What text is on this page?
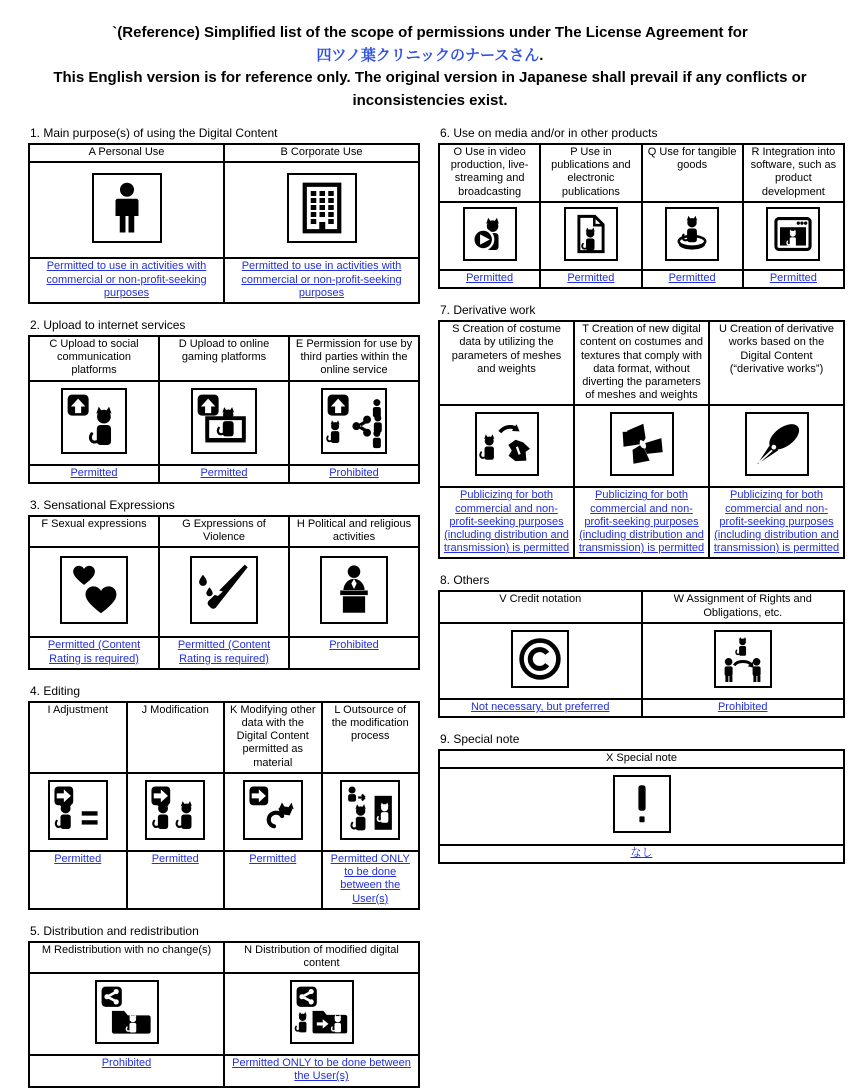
`(Reference) Simplified list of the scope of permissions under The License Agreement for
四ツノ葉クリニックのナースさん.
This English version is for reference only. The original version in Japanese shall prevail if any conflicts or inconsistencies exist.
1. Main purpose(s) of using the Digital Content
A Personal Use	B Corporate Use

Permitted to use in activities with commercial or non-profit-seeking purposes	Permitted to use in activities with commercial or non-profit-seeking purposes
2. Upload to internet services
C Upload to social communication platforms	D Upload to online gaming platforms	E Permission for use by third parties within the online service

Permitted	Permitted	Prohibited
3. Sensational Expressions
F Sexual expressions	G Expressions of Violence	H Political and religious activities

Permitted (Content Rating is required)	Permitted (Content Rating is required)	Prohibited
4. Editing
I Adjustment	J Modification	K Modifying other data with the Digital Content permitted as material	L Outsource of the modification process

Permitted	Permitted	Permitted	Permitted ONLY to be done between the User(s)
5. Distribution and redistribution
M Redistribution with no change(s)	N Distribution of modified digital content

Prohibited	Permitted ONLY to be done between the User(s)
6. Use on media and/or in other products
O Use in video production, live-streaming and broadcasting	P Use in publications and electronic publications	Q Use for tangible goods	R Integration into software, such as product development

Permitted	Permitted	Permitted	Permitted
7. Derivative work
S Creation of costume data by utilizing the parameters of meshes and weights	T Creation of new digital content on costumes and textures that comply with data format, without diverting the parameters of meshes and weights	U Creation of derivative works based on the Digital Content (“derivative works”)

Publicizing for both commercial and non-profit-seeking purposes (including distribution and transmission) is permitted	Publicizing for both commercial and non-profit-seeking purposes (including distribution and transmission) is permitted	Publicizing for both commercial and non-profit-seeking purposes (including distribution and transmission) is permitted
8. Others
V Credit notation	W Assignment of Rights and Obligations, etc.

Not necessary, but preferred	Prohibited
9. Special note
X Special note

なし
